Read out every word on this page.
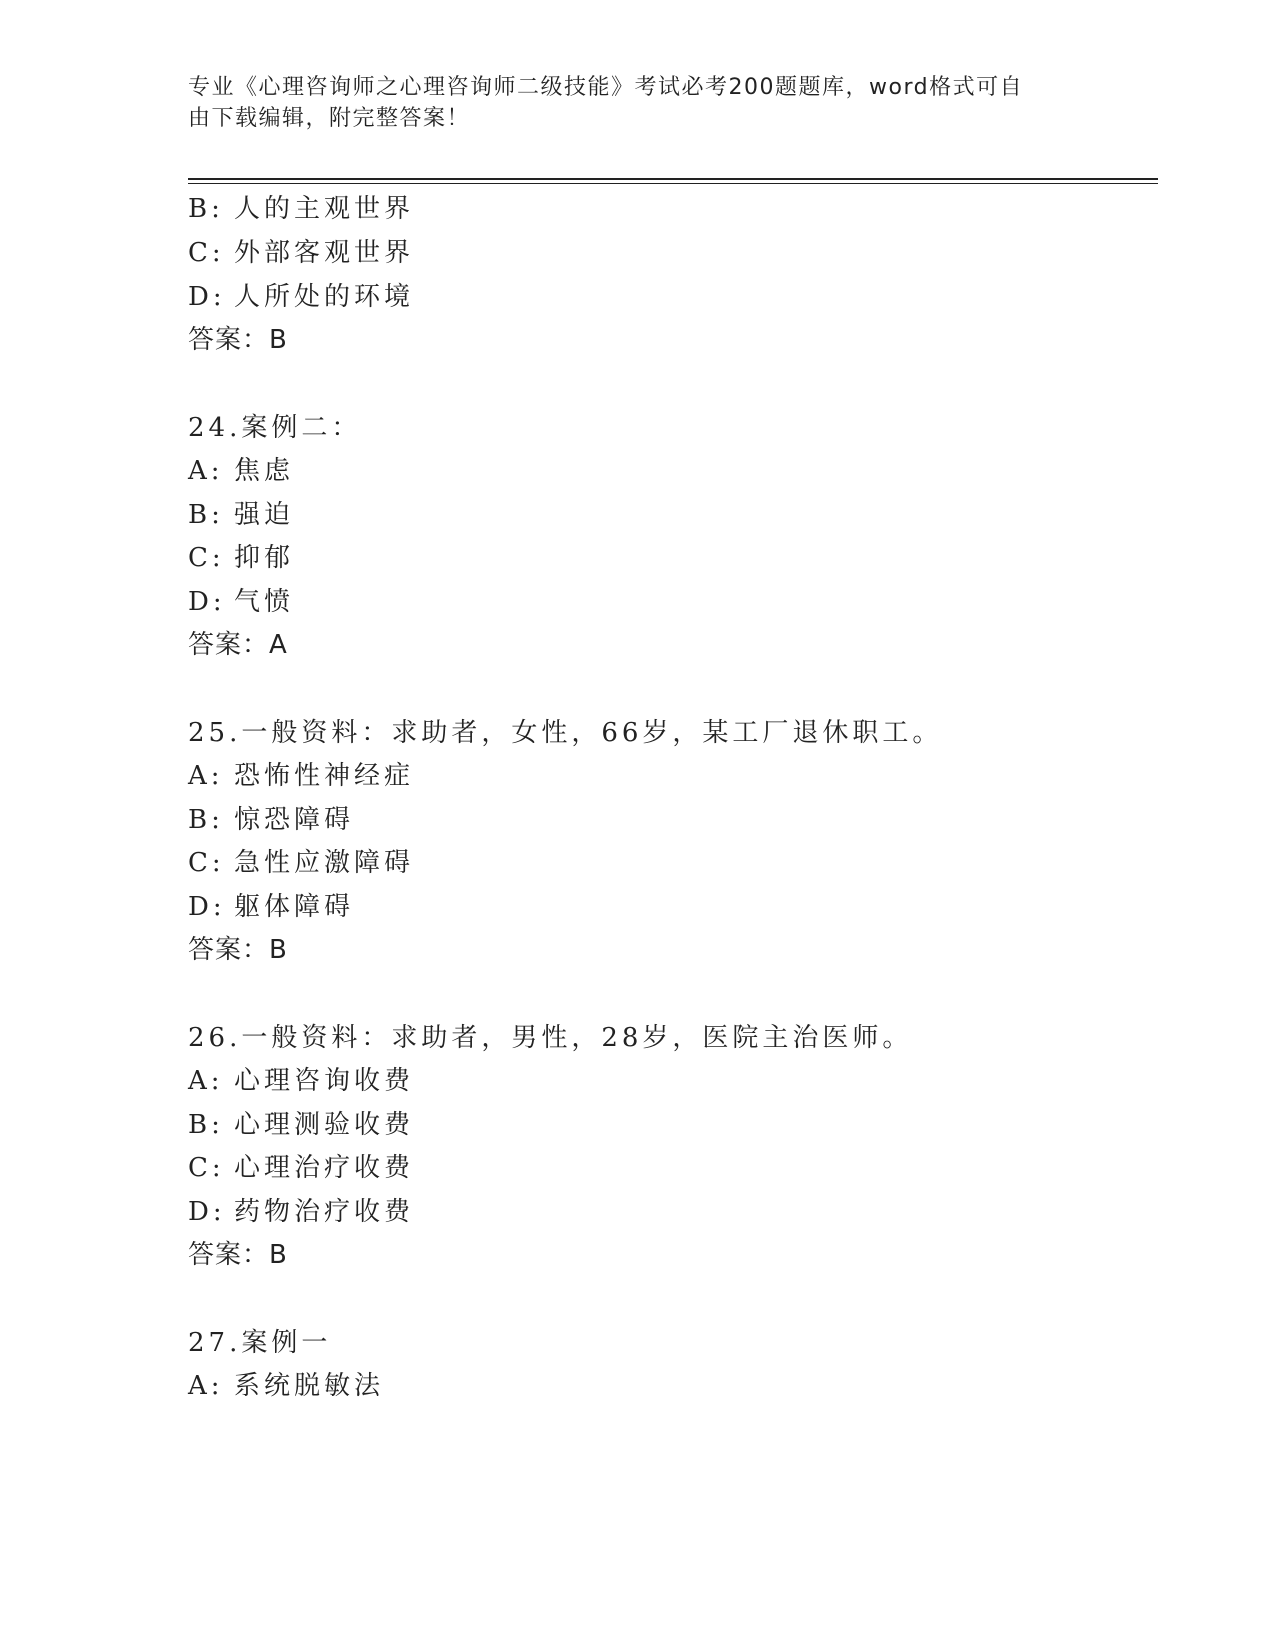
专业《心理咨询师之心理咨询师二级技能》考试必考200题题库，word格式可自
由下载编辑，附完整答案！
B: 人的主观世界
C: 外部客观世界
D: 人所处的环境
答案：B
24.案例二：
A: 焦虑
B: 强迫
C: 抑郁
D: 气愤
答案：A
25.一般资料：求助者，女性，66岁，某工厂退休职工。
A: 恐怖性神经症
B: 惊恐障碍
C: 急性应激障碍
D: 躯体障碍
答案：B
26.一般资料：求助者，男性，28岁，医院主治医师。
A: 心理咨询收费
B: 心理测验收费
C: 心理治疗收费
D: 药物治疗收费
答案：B
27.案例一
A: 系统脱敏法
